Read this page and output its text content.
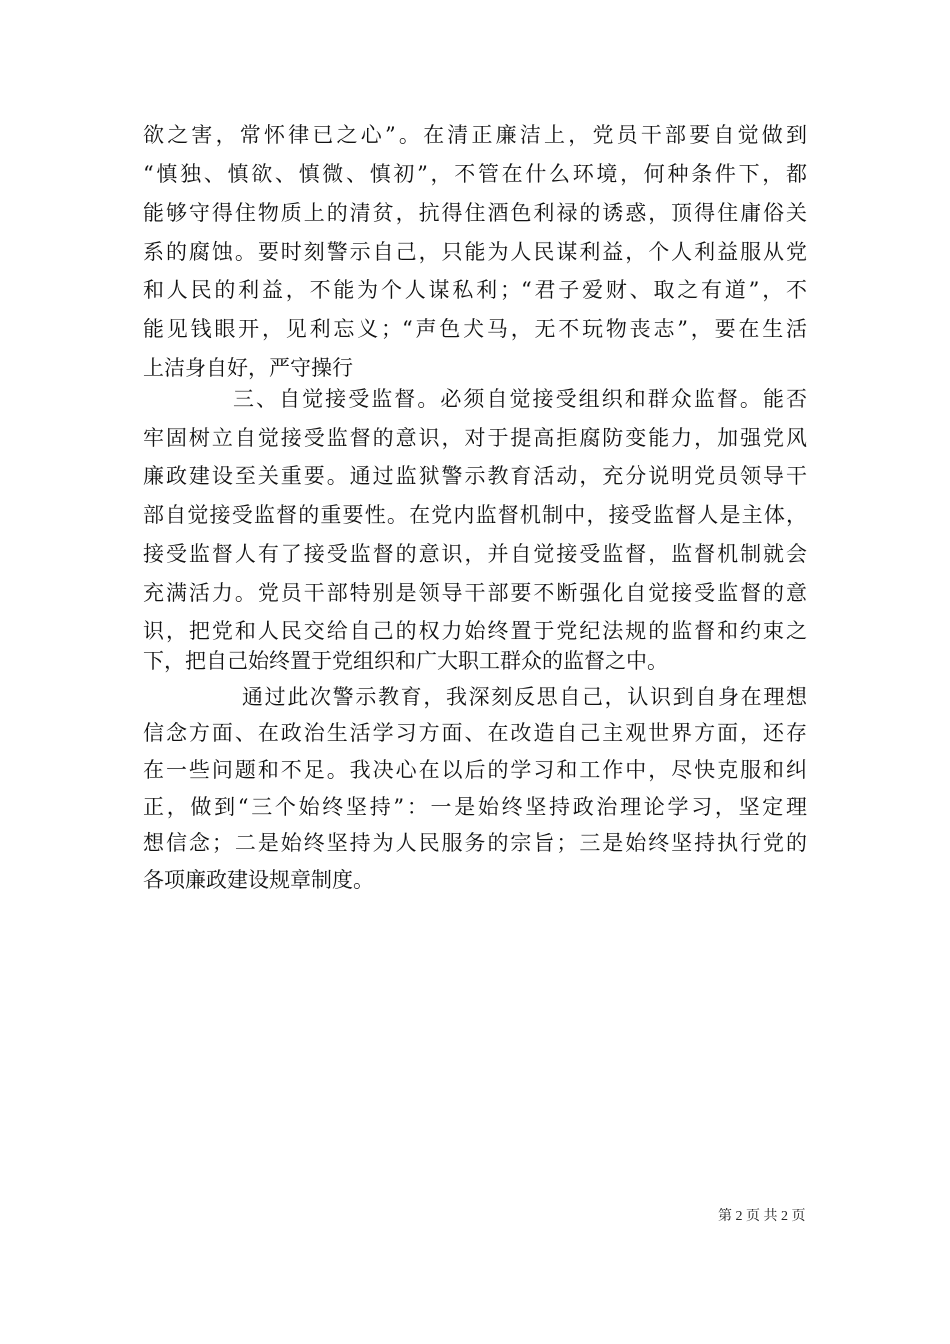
欲之害，常怀律已之心”。在清正廉洁上，党员干部要自觉做到
“慎独、慎欲、慎微、慎初”，不管在什么环境，何种条件下，都
能够守得住物质上的清贫，抗得住酒色利禄的诱惑，顶得住庸俗关
系的腐蚀。要时刻警示自己，只能为人民谋利益，个人利益服从党
和人民的利益，不能为个人谋私利；“君子爱财、取之有道”，不
能见钱眼开，见利忘义；“声色犬马，无不玩物丧志”，要在生活
上洁身自好，严守操行
三、自觉接受监督。必须自觉接受组织和群众监督。能否
牢固树立自觉接受监督的意识，对于提高拒腐防变能力，加强党风
廉政建设至关重要。通过监狱警示教育活动，充分说明党员领导干
部自觉接受监督的重要性。在党内监督机制中，接受监督人是主体，
接受监督人有了接受监督的意识，并自觉接受监督，监督机制就会
充满活力。党员干部特别是领导干部要不断强化自觉接受监督的意
识，把党和人民交给自己的权力始终置于党纪法规的监督和约束之
下，把自己始终置于党组织和广大职工群众的监督之中。
通过此次警示教育，我深刻反思自己，认识到自身在理想
信念方面、在政治生活学习方面、在改造自己主观世界方面，还存
在一些问题和不足。我决心在以后的学习和工作中，尽快克服和纠
正，做到“三个始终坚持”：一是始终坚持政治理论学习，坚定理
想信念；二是始终坚持为人民服务的宗旨；三是始终坚持执行党的
各项廉政建设规章制度。
第 2 页 共 2 页
